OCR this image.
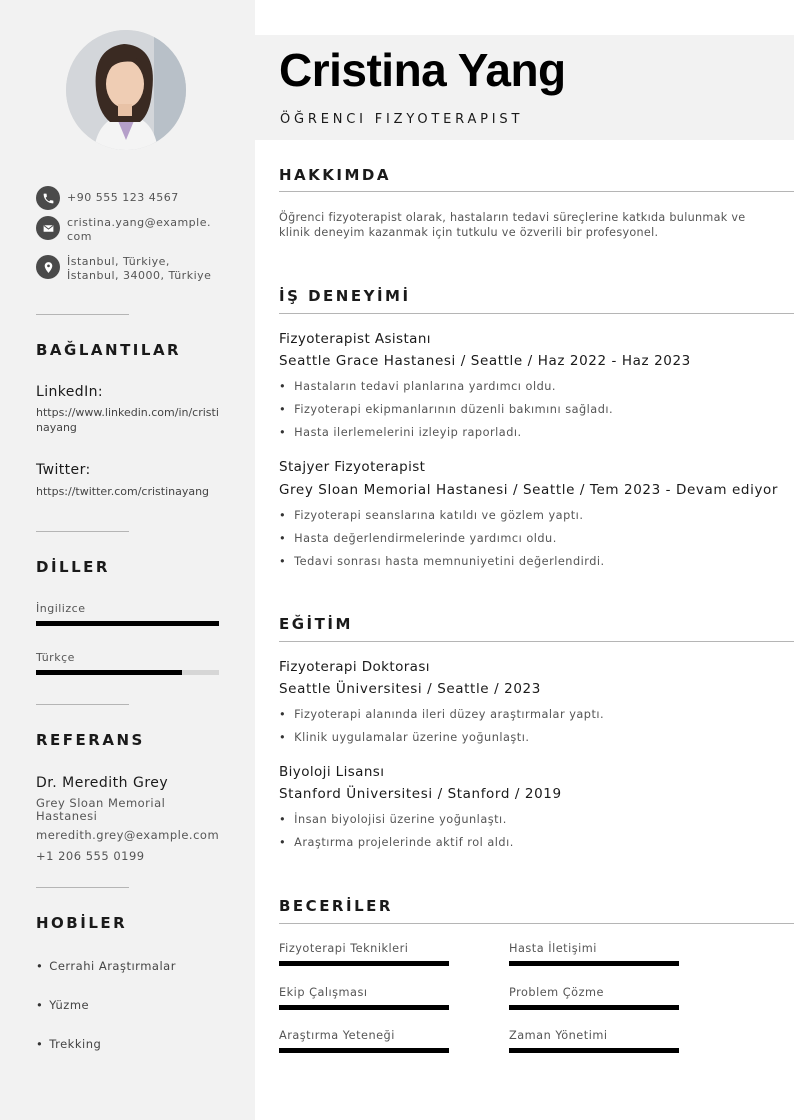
+90 555 123 4567
cristina.yang@example.com
İstanbul, Türkiye, İstanbul, 34000, Türkiye
BAĞLANTILAR
LinkedIn:
https://www.linkedin.com/in/cristinayang
Twitter:
https://twitter.com/cristinayang
DİLLER
İngilizce
Türkçe
REFERANS
Dr. Meredith Grey
Grey Sloan Memorial Hastanesi
meredith.grey@example.com
+1 206 555 0199
HOBİLER
• Cerrahi Araştırmalar
• Yüzme
• Trekking
Cristina Yang
ÖĞRENCI FIZYOTERAPIST
HAKKIMDA
Öğrenci fizyoterapist olarak, hastaların tedavi süreçlerine katkıda bulunmak ve klinik deneyim kazanmak için tutkulu ve özverili bir profesyonel.
İŞ DENEYİMİ
Fizyoterapist Asistanı
Seattle Grace Hastanesi / Seattle / Haz 2022 - Haz 2023
• Hastaların tedavi planlarına yardımcı oldu.
• Fizyoterapi ekipmanlarının düzenli bakımını sağladı.
• Hasta ilerlemelerini izleyip raporladı.
Stajyer Fizyoterapist
Grey Sloan Memorial Hastanesi / Seattle / Tem 2023 - Devam ediyor
• Fizyoterapi seanslarına katıldı ve gözlem yaptı.
• Hasta değerlendirmelerinde yardımcı oldu.
• Tedavi sonrası hasta memnuniyetini değerlendirdi.
EĞİTİM
Fizyoterapi Doktorası
Seattle Üniversitesi / Seattle / 2023
• Fizyoterapi alanında ileri düzey araştırmalar yaptı.
• Klinik uygulamalar üzerine yoğunlaştı.
Biyoloji Lisansı
Stanford Üniversitesi / Stanford / 2019
• İnsan biyolojisi üzerine yoğunlaştı.
• Araştırma projelerinde aktif rol aldı.
BECERİLER
Fizyoterapi Teknikleri	Hasta İletişimi
Ekip Çalışması	Problem Çözme
Araştırma Yeteneği	Zaman Yönetimi
